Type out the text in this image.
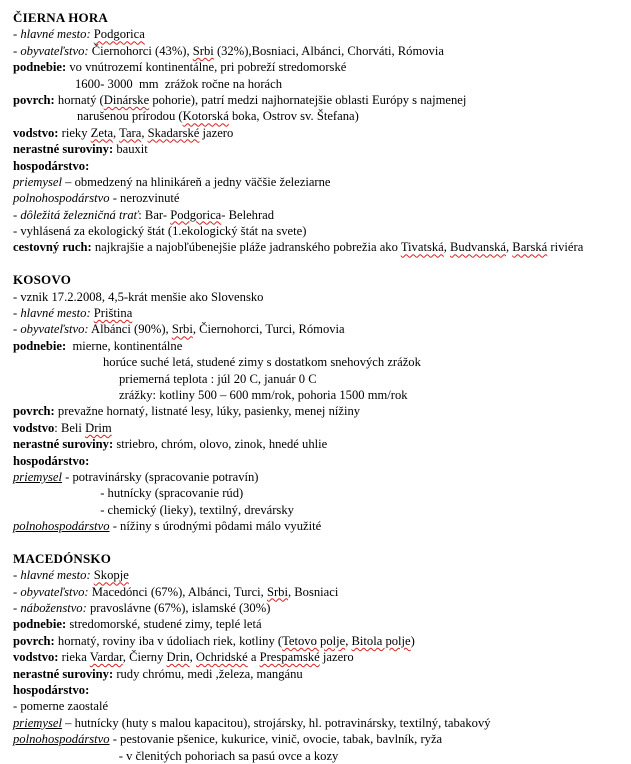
ČIERNA HORA
- hlavné mesto: Podgorica
- obyvateľstvo: Čiernohorci (43%), Srbi (32%),Bosniaci, Albánci, Chorváti, Rómovia
podnebie: vo vnútrozemí kontinentálne, pri pobreží stredomorské
1600- 3000  mm  zrážok ročne na horách
povrch: hornatý (Dinárske pohorie), patrí medzi najhornatejšie oblasti Európy s najmenej
narušenou prírodou (Kotorská boka, Ostrov sv. Štefana)
vodstvo: rieky Zeta, Tara, Skadarské jazero
nerastné suroviny: bauxit
hospodárstvo:
priemysel – obmedzený na hlinikáreň a jedny väčšie železiarne
polnohospodárstvo - nerozvinuté
- dôležitá železničná trať: Bar- Podgorica- Belehrad
- vyhlásená za ekologický štát (1.ekologický štát na svete)
cestovný ruch: najkrajšie a najobľúbenejšie pláže jadranského pobrežia ako Tivatská, Budvanská, Barská riviéra
KOSOVO
- vznik 17.2.2008, 4,5-krát menšie ako Slovensko
- hlavné mesto: Priština
- obyvateľstvo: Albánci (90%), Srbi, Čiernohorci, Turci, Rómovia
podnebie:  mierne, kontinentálne
horúce suché letá, studené zimy s dostatkom snehových zrážok
priemerná teplota : júl 20 C, január 0 C
zrážky: kotliny 500 – 600 mm/rok, pohoria 1500 mm/rok
povrch: prevažne hornatý, listnaté lesy, lúky, pasienky, menej nížiny
vodstvo: Beli Drim
nerastné suroviny: striebro, chróm, olovo, zinok, hnedé uhlie
hospodárstvo:
priemysel - potravinársky (spracovanie potravín)
- hutnícky (spracovanie rúd)
- chemický (lieky), textilný, drevársky
polnohospodárstvo - nížiny s úrodnými pôdami málo využité
MACEDÓNSKO
- hlavné mesto: Skopje
- obyvateľstvo: Macedónci (67%), Albánci, Turci, Srbi, Bosniaci
- náboženstvo: pravoslávne (67%), islamské (30%)
podnebie: stredomorské, studené zimy, teplé letá
povrch: hornatý, roviny iba v údoliach riek, kotliny (Tetovo polje, Bitola polje)
vodstvo: rieka Vardar, Čierny Drin, Ochridské a Prespamské jazero
nerastné suroviny: rudy chrómu, medi ,železa, mangánu
hospodárstvo:
- pomerne zaostalé
priemysel – hutnícky (huty s malou kapacitou), strojársky, hl. potravinársky, textilný, tabakový
polnohospodárstvo - pestovanie pšenice, kukurice, vinič, ovocie, tabak, bavlník, ryža
- v členitých pohoriach sa pasú ovce a kozy
